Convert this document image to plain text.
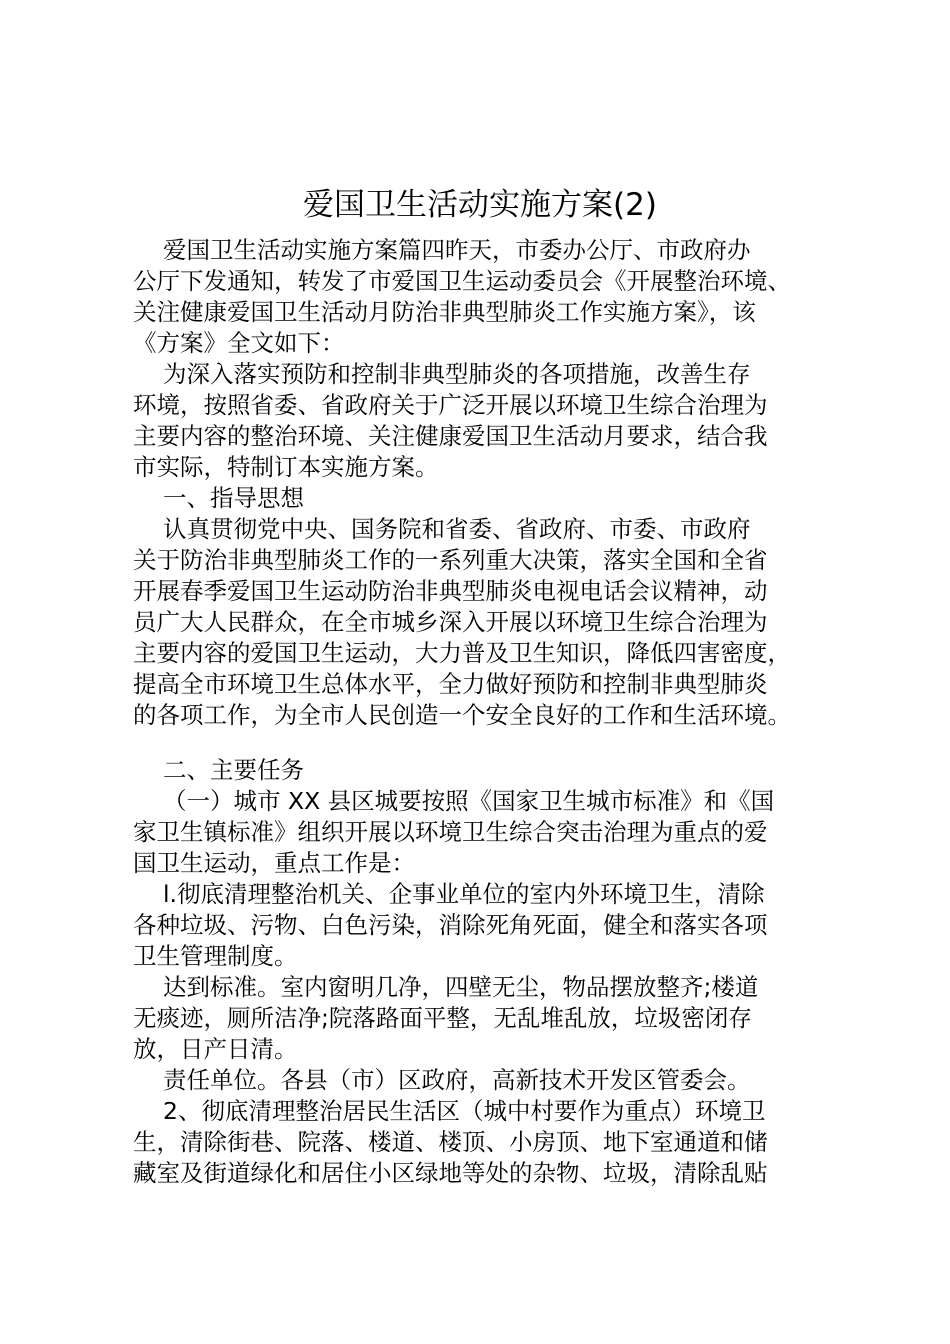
爱国卫生活动实施方案(2)
爱国卫生活动实施方案篇四昨天，市委办公厅、市政府办
公厅下发通知，转发了市爱国卫生运动委员会《开展整治环境、
关注健康爱国卫生活动月防治非典型肺炎工作实施方案》，该
《方案》全文如下：
为深入落实预防和控制非典型肺炎的各项措施，改善生存
环境，按照省委、省政府关于广泛开展以环境卫生综合治理为
主要内容的整治环境、关注健康爱国卫生活动月要求，结合我
市实际，特制订本实施方案。
一、指导思想
认真贯彻党中央、国务院和省委、省政府、市委、市政府
关于防治非典型肺炎工作的一系列重大决策，落实全国和全省
开展春季爱国卫生运动防治非典型肺炎电视电话会议精神，动
员广大人民群众，在全市城乡深入开展以环境卫生综合治理为
主要内容的爱国卫生运动，大力普及卫生知识，降低四害密度，
提高全市环境卫生总体水平，全力做好预防和控制非典型肺炎
的各项工作，为全市人民创造一个安全良好的工作和生活环境。
二、主要任务
（一）城市 XX 县区城要按照《国家卫生城市标准》和《国
家卫生镇标准》组织开展以环境卫生综合突击治理为重点的爱
国卫生运动，重点工作是：
l.彻底清理整治机关、企事业单位的室内外环境卫生，清除
各种垃圾、污物、白色污染，消除死角死面，健全和落实各项
卫生管理制度。
达到标准。室内窗明几净，四壁无尘，物品摆放整齐;楼道
无痰迹，厕所洁净;院落路面平整，无乱堆乱放，垃圾密闭存
放，日产日清。
责任单位。各县（市）区政府，高新技术开发区管委会。
2、彻底清理整治居民生活区（城中村要作为重点）环境卫
生，清除街巷、院落、楼道、楼顶、小房顶、地下室通道和储
藏室及街道绿化和居住小区绿地等处的杂物、垃圾，清除乱贴
